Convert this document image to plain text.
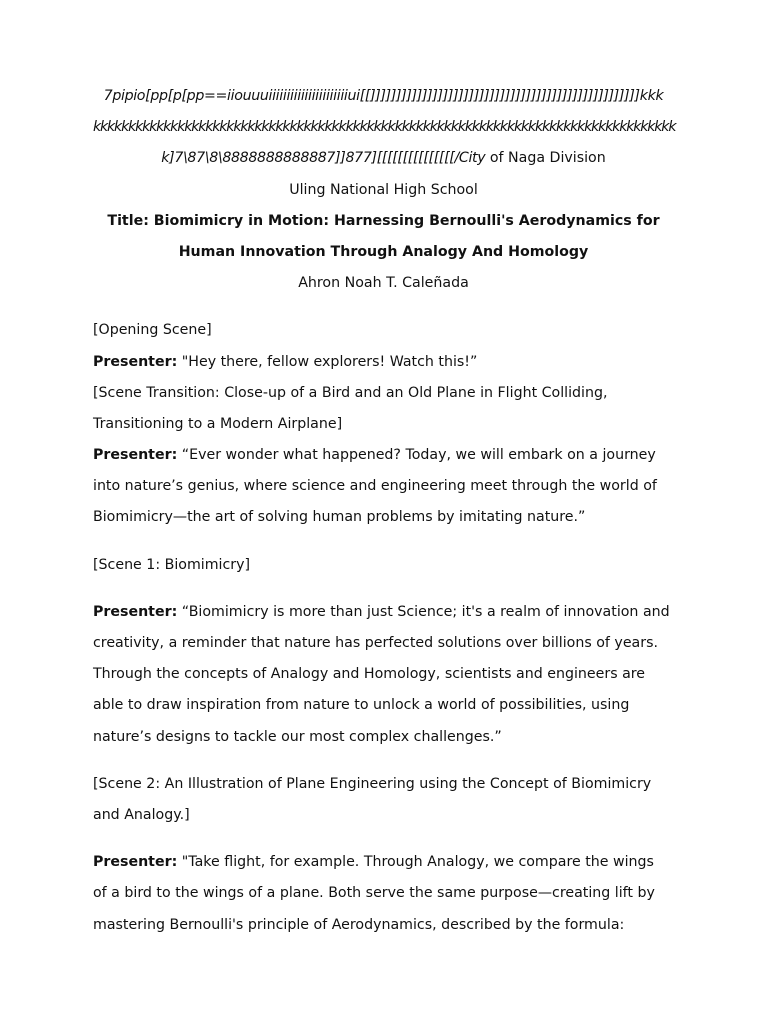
7pipio[pp[p[pp==iiouuuiiiiiiiiiiiiiiiiiiiiiiui[[]]]]]]]]]]]]]]]]]]]]]]]]]]]]]]]]]]]]]]]]]]]]]]]]]]]]kkk
kkkkkkkkkkkkkkkkkkkkkkkkkkkkkkkkkkkkkkkkkkkkkkkkkkkkkkkkkkkkkkkkkkkkkkkkkkkkkkkkkkk
k]7\87\8\8888888888887]]877][[[[[[[[[[[[[[[/City of Naga Division
Uling National High School
Title: Biomimicry in Motion: Harnessing Bernoulli's Aerodynamics for
Human Innovation Through Analogy And Homology
Ahron Noah T. Caleñada
[Opening Scene]
Presenter: "Hey there, fellow explorers! Watch this!”
[Scene Transition: Close-up of a Bird and an Old Plane in Flight Colliding,
Transitioning to a Modern Airplane]
Presenter: “Ever wonder what happened? Today, we will embark on a journey
into nature’s genius, where science and engineering meet through the world of
Biomimicry—the art of solving human problems by imitating nature.”
[Scene 1: Biomimicry]
Presenter: “Biomimicry is more than just Science; it's a realm of innovation and
creativity, a reminder that nature has perfected solutions over billions of years.
Through the concepts of Analogy and Homology, scientists and engineers are
able to draw inspiration from nature to unlock a world of possibilities, using
nature’s designs to tackle our most complex challenges.”
[Scene 2: An Illustration of Plane Engineering using the Concept of Biomimicry
and Analogy.]
Presenter: "Take flight, for example. Through Analogy, we compare the wings
of a bird to the wings of a plane. Both serve the same purpose—creating lift by
mastering Bernoulli's principle of Aerodynamics, described by the formula:
